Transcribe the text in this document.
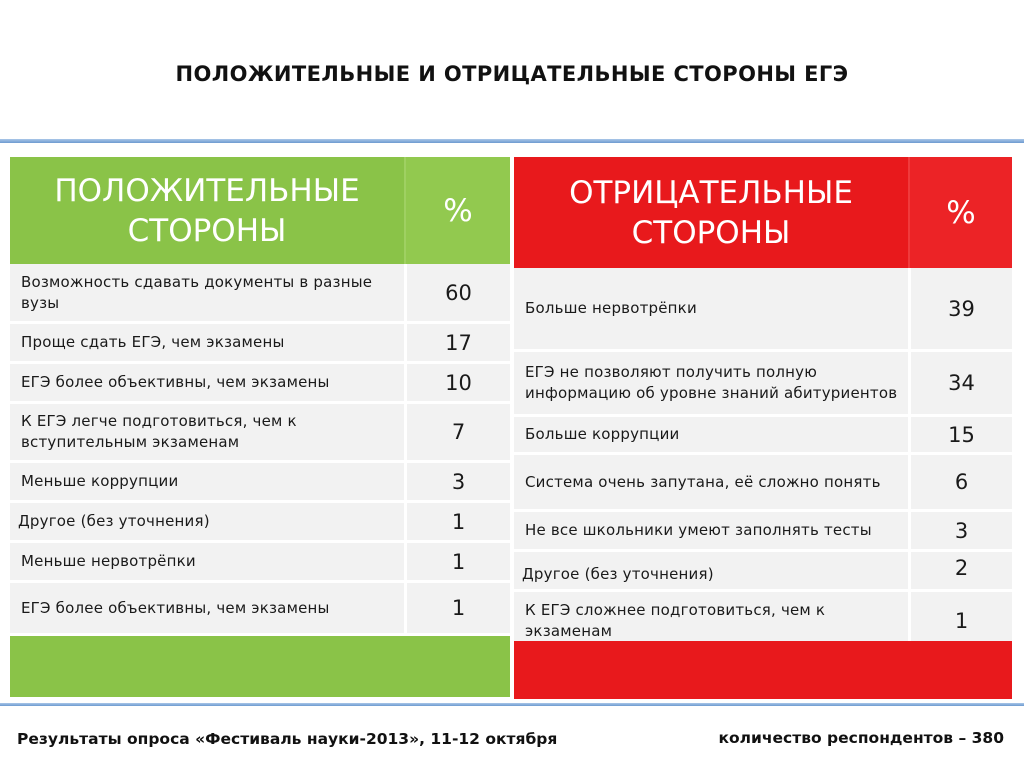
ПОЛОЖИТЕЛЬНЫЕ И ОТРИЦАТЕЛЬНЫЕ СТОРОНЫ ЕГЭ
ПОЛОЖИТЕЛЬНЫЕ СТОРОНЫ
%
Возможность сдавать документы в разные вузы	60
Проще сдать ЕГЭ, чем экзамены	17
ЕГЭ более объективны, чем экзамены	10
К ЕГЭ легче подготовиться, чем к вступительным экзаменам	7
Меньше коррупции	3
Другое (без уточнения)	1
Меньше нервотрёпки	1
ЕГЭ более объективны, чем экзамены	1
ОТРИЦАТЕЛЬНЫЕ СТОРОНЫ
%
Больше нервотрёпки	39
ЕГЭ не позволяют получить полную информацию об уровне знаний абитуриентов	34
Больше коррупции	15
Система очень запутана, её сложно понять	6
Не все школьники умеют заполнять тесты	3
Другое (без уточнения)	2
К ЕГЭ сложнее подготовиться, чем к экзаменам	1
Результаты опроса «Фестиваль науки-2013», 11-12 октября	количество респондентов – 380
